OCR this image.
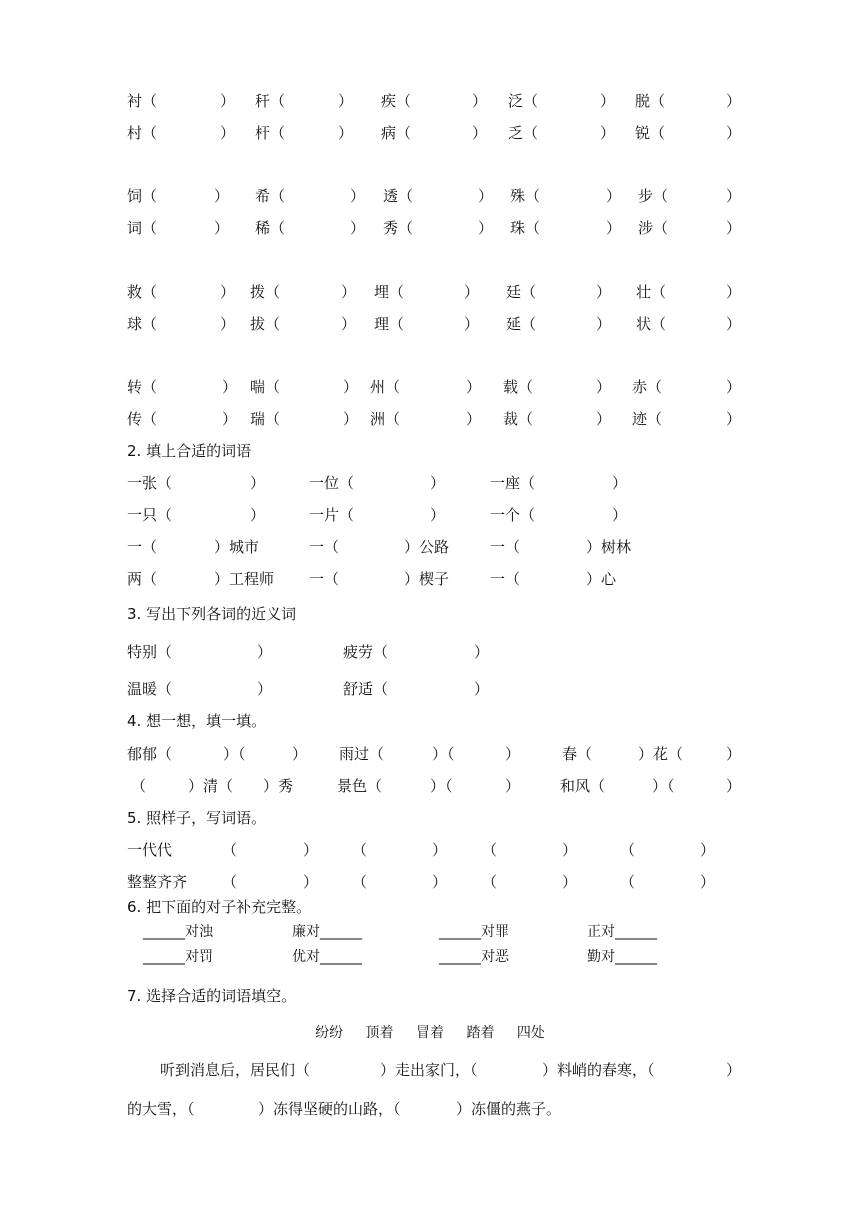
衬（	） 秆（	） 疾（	） 泛（	） 脱（	）
村（	） 杆（	） 病（	） 乏（	） 锐（	）
饲（	） 希（	） 透（	） 殊（	） 步（	）
词（	） 稀（	） 秀（	） 珠（	） 涉（	）
救（	） 拨（	） 埋（	） 廷（	） 壮（	）
球（	） 拔（	） 理（	） 延（	） 状（	）
转（	） 喘（	） 州（	） 载（	） 赤（	）
传（	） 瑞（	） 洲（	） 裁（	） 迹（	）
2. 填上合适的词语
一张（	）	一位（	）	一座（	）
一只（	）	一片（	）	一个（	）
一（	）城市	一（	）公路	一（	）树林
两（	）工程师 一（	）楔子	一（	）心
3. 写出下列各词的近义词
特别（	）	疲劳（	）
温暖（	）	舒适（	）
4. 想一想，填一填。
郁郁（	）（	） 雨过（	）（	）	春（	）花（	）
（	）清（ ）秀	景色（	）（	）	和风（	）（	）
5. 照样子，写词语。
一代代	（	） （	） （	）	（	）
整整齐齐 （	） （	） （	）	（	）
6. 把下面的对子补充完整。
______对浊	廉对______	______对罪	正对______
______对罚	优对______	______对恶	勤对______
7. 选择合适的词语填空。
纷纷 顶着 冒着 踏着 四处
听到消息后，居民们（	）走出家门，（	）料峭的春寒，（	）
的大雪，（	）冻得坚硬的山路，（	）冻僵的燕子。
